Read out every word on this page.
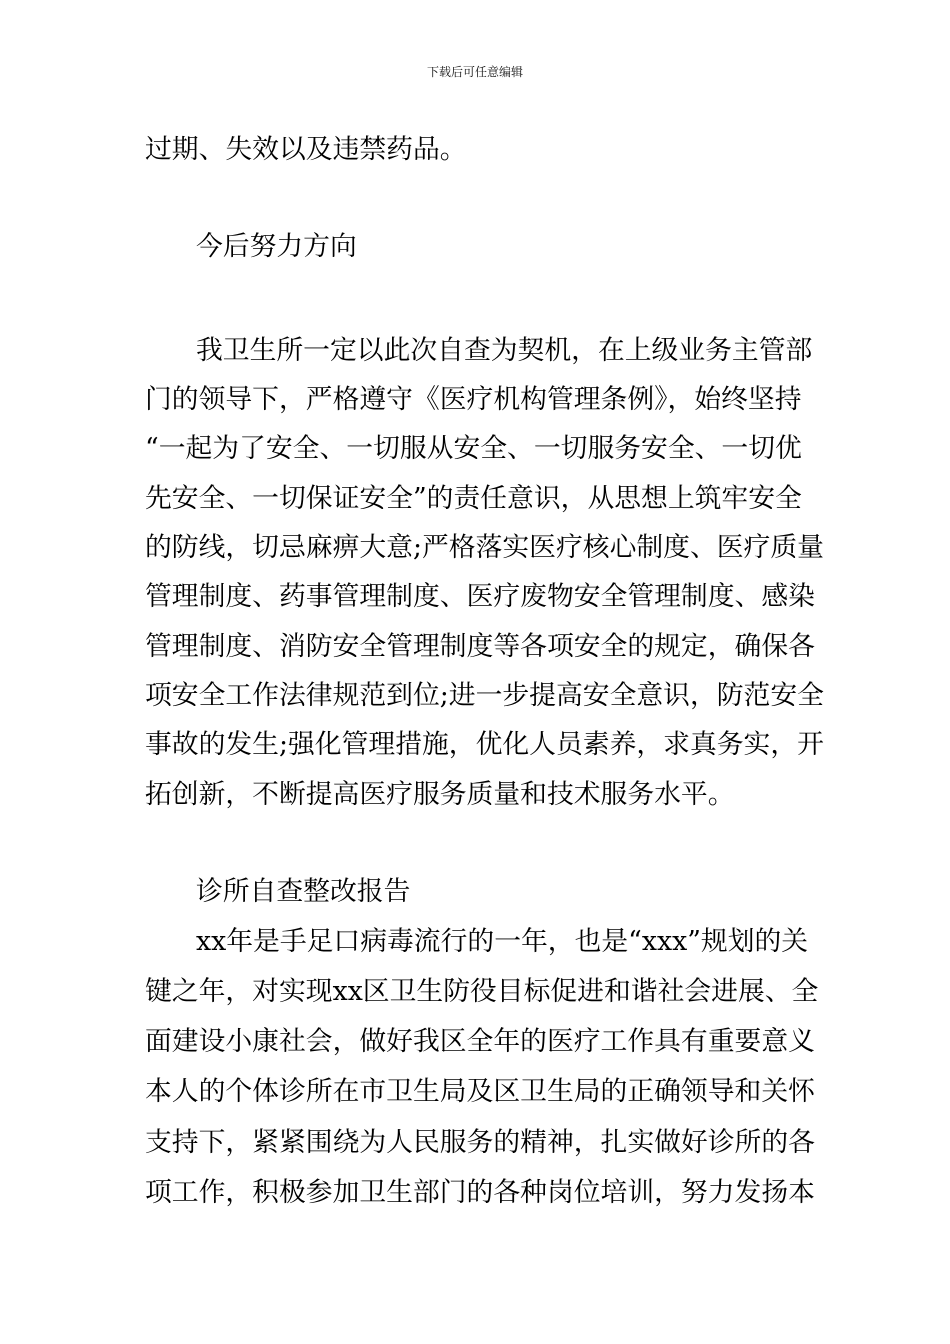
下载后可任意编辑
过期、失效以及违禁药品。
今后努力方向
我卫生所一定以此次自查为契机，在上级业务主管部
门的领导下，严格遵守《医疗机构管理条例》，始终坚持
“一起为了安全、一切服从安全、一切服务安全、一切优
先安全、一切保证安全”的责任意识，从思想上筑牢安全
的防线，切忌麻痹大意;严格落实医疗核心制度、医疗质量
管理制度、药事管理制度、医疗废物安全管理制度、感染
管理制度、消防安全管理制度等各项安全的规定，确保各
项安全工作法律规范到位;进一步提高安全意识，防范安全
事故的发生;强化管理措施，优化人员素养，求真务实，开
拓创新，不断提高医疗服务质量和技术服务水平。
诊所自查整改报告
xx年是手足口病毒流行的一年，也是“xxx”规划的关
键之年，对实现xx区卫生防役目标促进和谐社会进展、全
面建设小康社会，做好我区全年的医疗工作具有重要意义
本人的个体诊所在市卫生局及区卫生局的正确领导和关怀
支持下，紧紧围绕为人民服务的精神，扎实做好诊所的各
项工作，积极参加卫生部门的各种岗位培训，努力发扬本
